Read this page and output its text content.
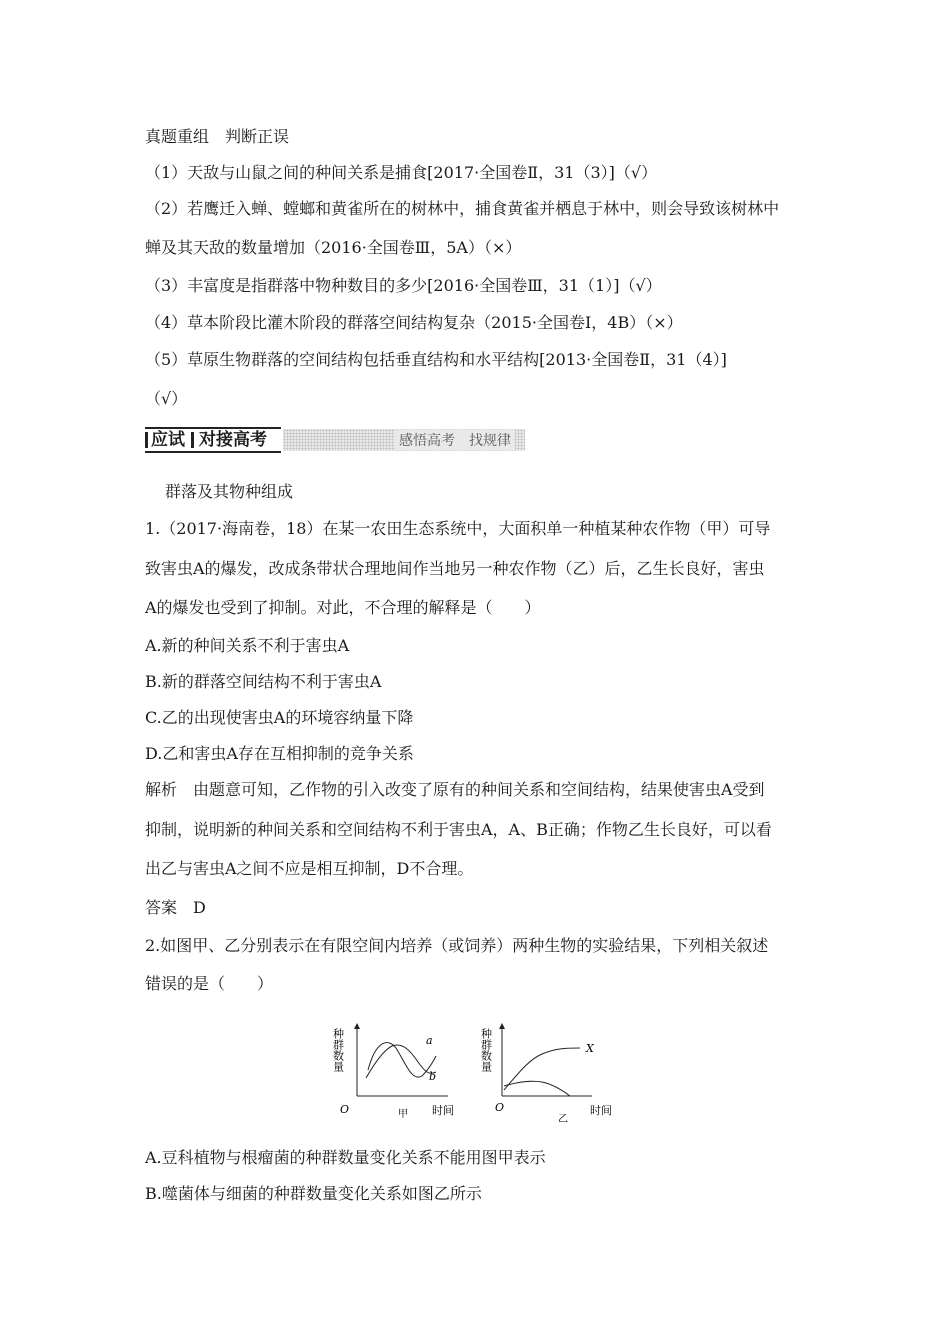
真题重组　判断正误
（1）天敌与山鼠之间的种间关系是捕食[2017·全国卷Ⅱ，31（3）]（√）
（2）若鹰迁入蝉、螳螂和黄雀所在的树林中，捕食黄雀并栖息于林中，则会导致该树林中
蝉及其天敌的数量增加（2016·全国卷Ⅲ，5A）（×）
（3）丰富度是指群落中物种数目的多少[2016·全国卷Ⅲ，31（1）]（√）
（4）草本阶段比灌木阶段的群落空间结构复杂（2015·全国卷Ⅰ，4B）（×）
（5）草原生物群落的空间结构包括垂直结构和水平结构[2013·全国卷Ⅱ，31（4）]
（√）
应试 对接高考	感悟高考　找规律
群落及其物种组成
1.（2017·海南卷，18）在某一农田生态系统中，大面积单一种植某种农作物（甲）可导
致害虫A的爆发，改成条带状合理地间作当地另一种农作物（乙）后，乙生长良好，害虫
A的爆发也受到了抑制。对此，不合理的解释是（　　）
A.新的种间关系不利于害虫A
B.新的群落空间结构不利于害虫A
C.乙的出现使害虫A的环境容纳量下降
D.乙和害虫A存在互相抑制的竞争关系
解析　由题意可知，乙作物的引入改变了原有的种间关系和空间结构，结果使害虫A受到
抑制，说明新的种间关系和空间结构不利于害虫A，A、B正确；作物乙生长良好，可以看
出乙与害虫A之间不应是相互抑制，D不合理。
答案　D
2.如图甲、乙分别表示在有限空间内培养（或饲养）两种生物的实验结果，下列相关叙述
错误的是（　　）
种群数量
O	甲 时间
a
b
种群数量
O
乙
时间
X
A.豆科植物与根瘤菌的种群数量变化关系不能用图甲表示
B.噬菌体与细菌的种群数量变化关系如图乙所示
